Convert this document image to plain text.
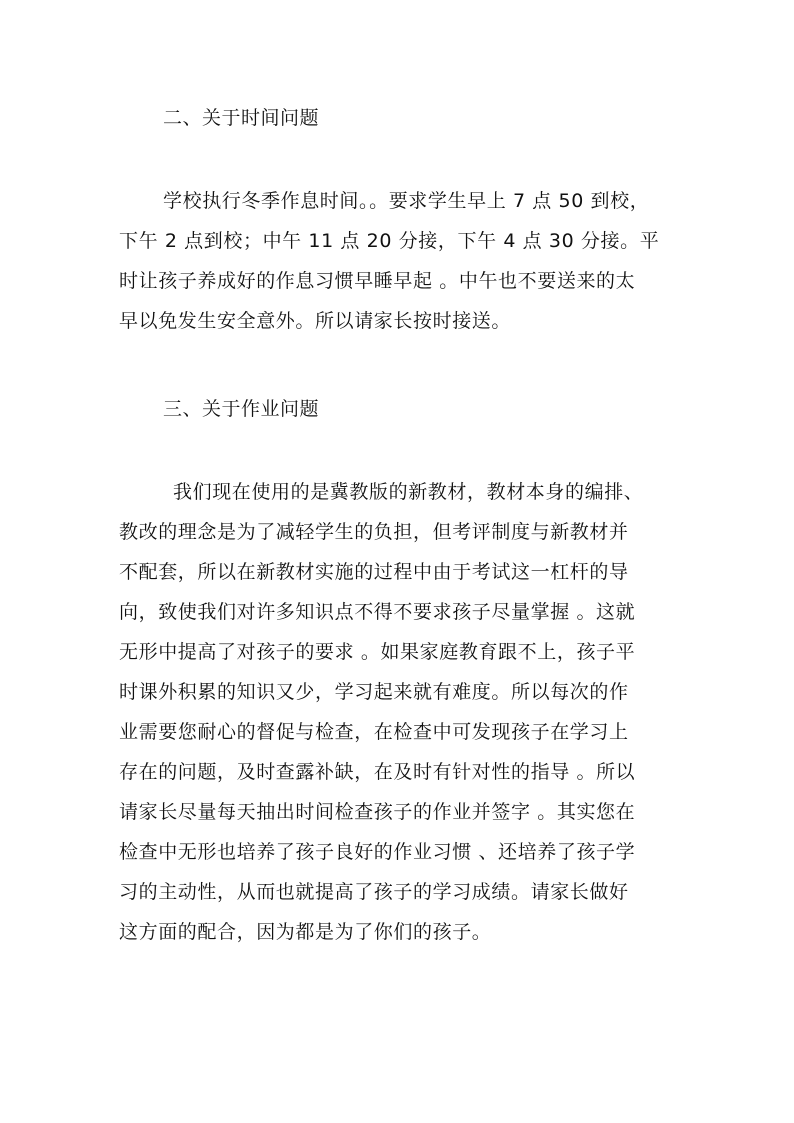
二、关于时间问题
学校执行冬季作息时间。。要求学生早上 7 点 50 到校，
下午 2 点到校；中午 11 点 20 分接，下午 4 点 30 分接。平
时让孩子养成好的作息习惯早睡早起 。中午也不要送来的太
早以免发生安全意外。所以请家长按时接送。
三、关于作业问题
我们现在使用的是冀教版的新教材，教材本身的编排、
教改的理念是为了减轻学生的负担，但考评制度与新教材并
不配套，所以在新教材实施的过程中由于考试这一杠杆的导
向，致使我们对许多知识点不得不要求孩子尽量掌握 。这就
无形中提高了对孩子的要求 。如果家庭教育跟不上，孩子平
时课外积累的知识又少，学习起来就有难度。所以每次的作
业需要您耐心的督促与检查，在检查中可发现孩子在学习上
存在的问题，及时查露补缺，在及时有针对性的指导 。所以
请家长尽量每天抽出时间检查孩子的作业并签字 。其实您在
检查中无形也培养了孩子良好的作业习惯 、还培养了孩子学
习的主动性，从而也就提高了孩子的学习成绩。请家长做好
这方面的配合，因为都是为了你们的孩子。
